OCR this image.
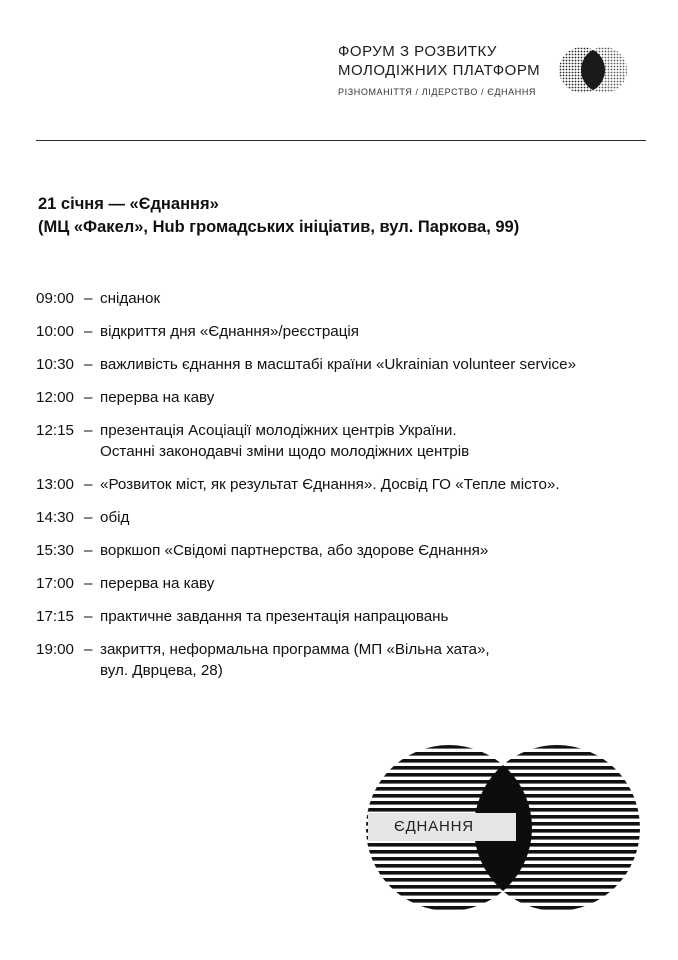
ФОРУМ З РОЗВИТКУ
МОЛОДІЖНИХ ПЛАТФОРМ
РІЗНОМАНІТТЯ / ЛІДЕРСТВО / ЄДНАННЯ
21 січня — «Єднання»
(МЦ «Факел», Hub громадських ініціатив, вул. Паркова, 99)
09:00 – сніданок
10:00 – відкриття дня «Єднання»/реєстрація
10:30 – важливість єднання в масштабі країни «Ukrainian volunteer service»
12:00 – перерва на каву
12:15 – презентація Асоціації молодіжних центрів України.
Останні законодавчі зміни щодо молодіжних центрів
13:00 – «Розвиток міст, як результат Єднання». Досвід ГО «Тепле місто».
14:30 – обід
15:30 – воркшоп «Свідомі партнерства, або здорове Єднання»
17:00 – перерва на каву
17:15 – практичне завдання та презентація напрацювань
19:00 – закриття, неформальна программа (МП «Вільна хата»,
вул. Дврцева, 28)
ЄДНАННЯ
